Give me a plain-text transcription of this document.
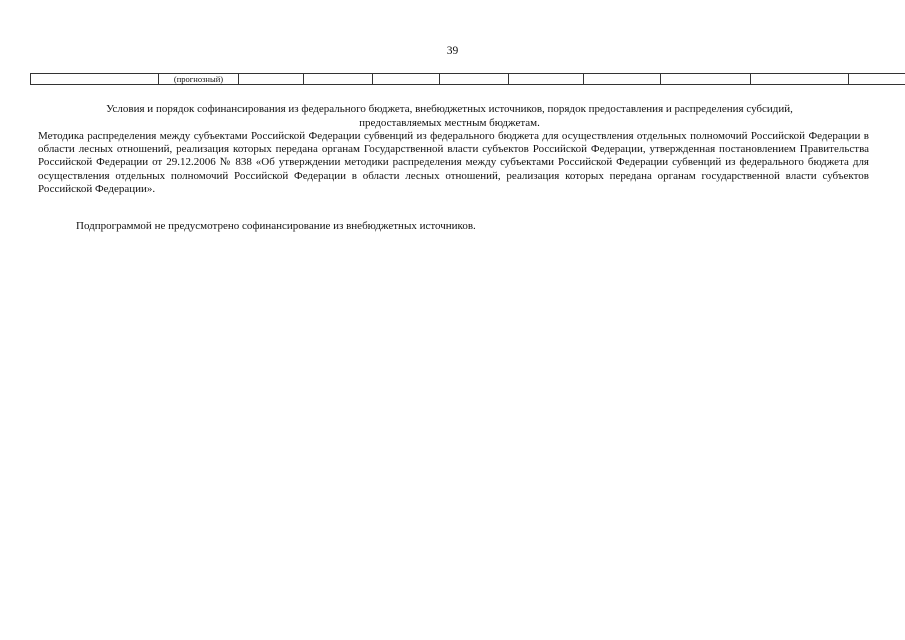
39
	(прогнозный)									
Условия и порядок софинансирования из федерального бюджета, внебюджетных источников, порядок предоставления и распределения субсидий,
предоставляемых местным бюджетам.
Методика распределения между субъектами Российской Федерации субвенций из федерального бюджета для осуществления отдельных полномочий Российской Федерации в области лесных отношений, реализация которых передана органам Государственной власти субъектов Российской Федерации, утвержденная постановлением Правительства Российской Федерации от 29.12.2006 № 838 «Об утверждении методики распределения между субъектами Российской Федерации субвенций из федерального бюджета для осуществления отдельных полномочий Российской Федерации в области лесных отношений, реализация которых передана органам государственной власти субъектов Российской Федерации».
Подпрограммой не предусмотрено софинансирование из внебюджетных источников.
